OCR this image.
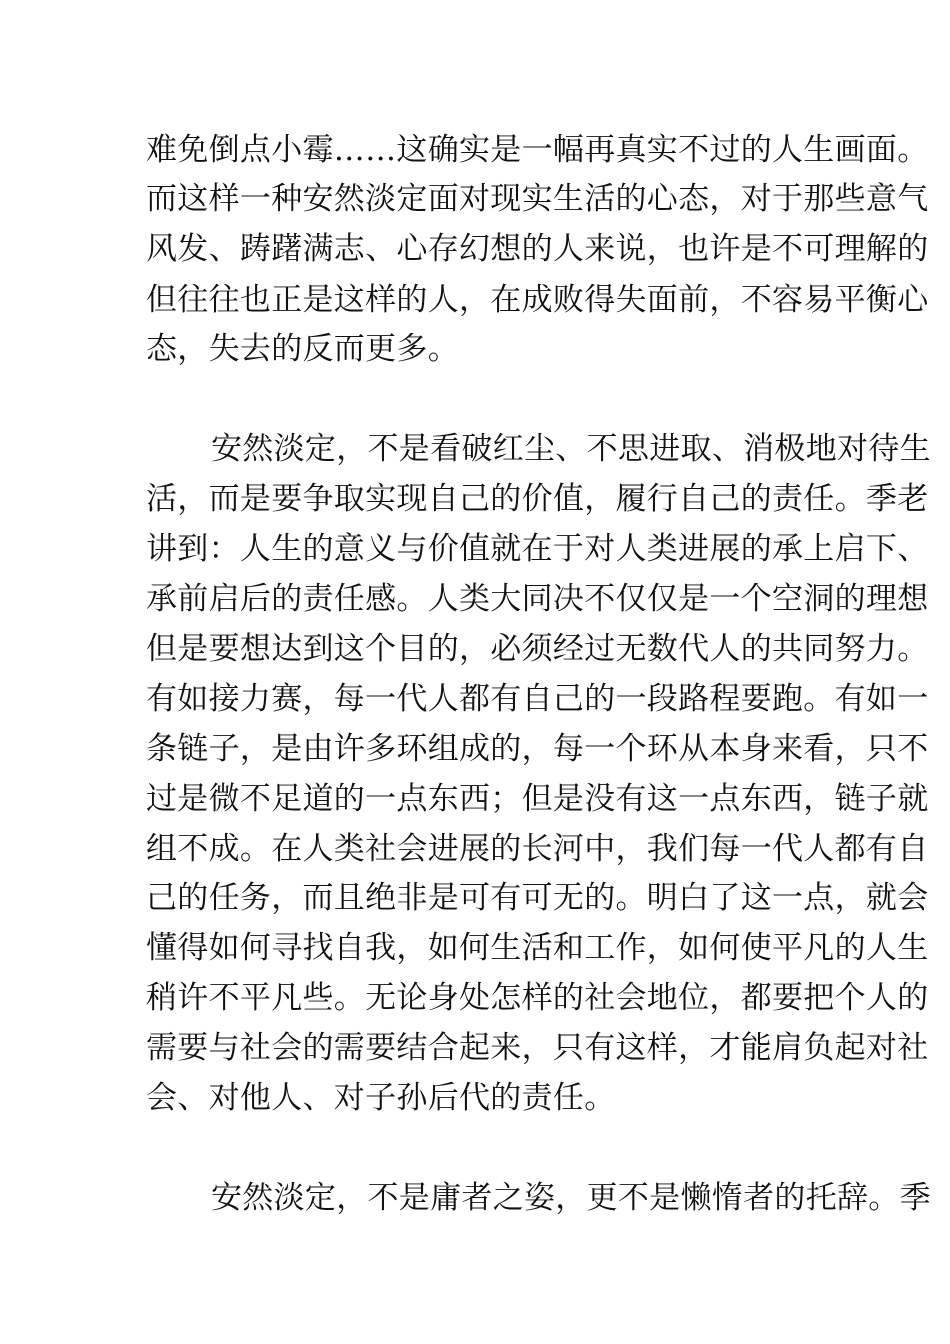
难免倒点小霉……这确实是一幅再真实不过的人生画面。
而这样一种安然淡定面对现实生活的心态，对于那些意气
风发、踌躇满志、心存幻想的人来说，也许是不可理解的
但往往也正是这样的人，在成败得失面前，不容易平衡心
态，失去的反而更多。
安然淡定，不是看破红尘、不思进取、消极地对待生
活，而是要争取实现自己的价值，履行自己的责任。季老
讲到：人生的意义与价值就在于对人类进展的承上启下、
承前启后的责任感。人类大同决不仅仅是一个空洞的理想
但是要想达到这个目的，必须经过无数代人的共同努力。
有如接力赛，每一代人都有自己的一段路程要跑。有如一
条链子，是由许多环组成的，每一个环从本身来看，只不
过是微不足道的一点东西；但是没有这一点东西，链子就
组不成。在人类社会进展的长河中，我们每一代人都有自
己的任务，而且绝非是可有可无的。明白了这一点，就会
懂得如何寻找自我，如何生活和工作，如何使平凡的人生
稍许不平凡些。无论身处怎样的社会地位，都要把个人的
需要与社会的需要结合起来，只有这样，才能肩负起对社
会、对他人、对子孙后代的责任。
安然淡定，不是庸者之姿，更不是懒惰者的托辞。季
